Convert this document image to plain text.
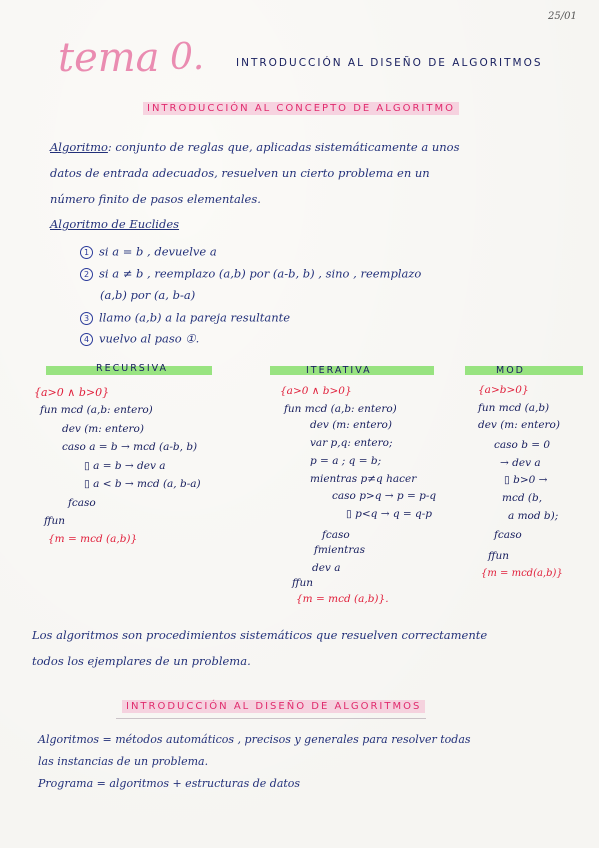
25/01
tema 0.	INTRODUCCIÓN AL DISEÑO DE ALGORITMOS
INTRODUCCIÓN AL CONCEPTO DE ALGORITMO
Algoritmo: conjunto de reglas que, aplicadas sistemáticamente a unos
datos de entrada adecuados, resuelven un cierto problema en un
número finito de pasos elementales.
Algoritmo de Euclides
1 si a = b , devuelve a
2 si a ≠ b , reemplazo (a,b) por (a-b, b) , sino , reemplazo
(a,b) por (a, b-a)
3 llamo (a,b) a la pareja resultante
4 vuelvo al paso ①.
RECURSIVA
{a>0 ∧ b>0}
fun mcd (a,b: entero)
dev (m: entero)
caso a = b → mcd (a-b, b)
▯ a = b → dev a
▯ a < b → mcd (a, b-a)
fcaso
ffun
{m = mcd (a,b)}
ITERATIVA
{a>0 ∧ b>0}
fun mcd (a,b: entero)
dev (m: entero)
var p,q: entero;
p = a ; q = b;
mientras p≠q hacer
caso p>q → p = p-q
▯ p<q → q = q-p
fcaso
fmientras
dev a
ffun
{m = mcd (a,b)}.
MOD
{a>b>0}
fun mcd (a,b)
dev (m: entero)
caso b = 0
→ dev a
▯ b>0 →
mcd (b,
a mod b);
fcaso
ffun
{m = mcd(a,b)}
Los algoritmos son procedimientos sistemáticos que resuelven correctamente
todos los ejemplares de un problema.
INTRODUCCIÓN AL DISEÑO DE ALGORITMOS
Algoritmos = métodos automáticos , precisos y generales para resolver todas
las instancias de un problema.
Programa = algoritmos + estructuras de datos
